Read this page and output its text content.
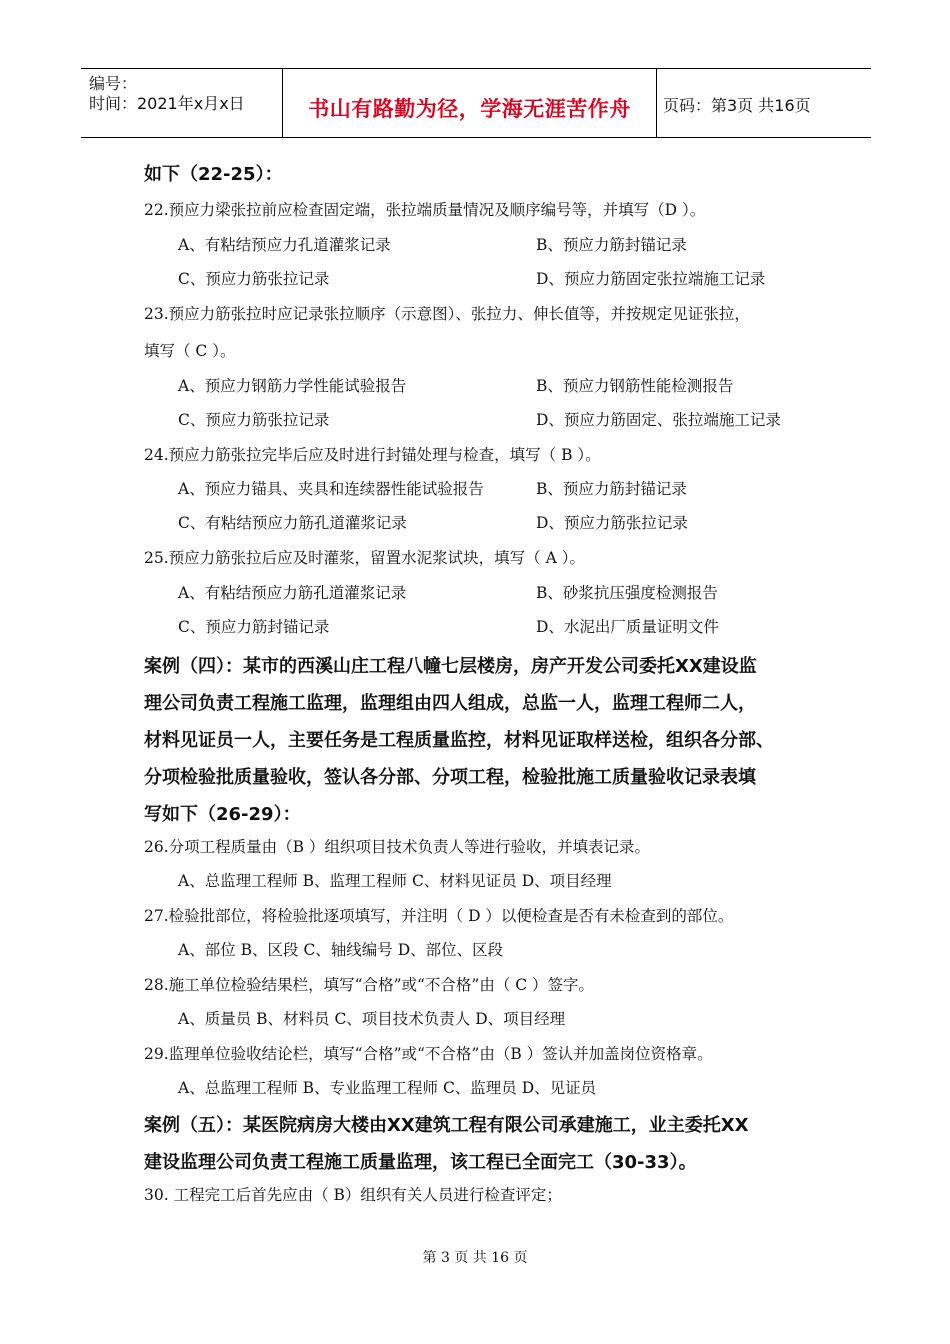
编号：
时间：2021年x月x日	书山有路勤为径，学海无涯苦作舟	页码：第3页 共16页
如下（22-25）：
22.预应力梁张拉前应检查固定端，张拉端质量情况及顺序编号等，并填写（D ）。
A、有粘结预应力孔道灌浆记录	B、预应力筋封锚记录
C、预应力筋张拉记录	D、预应力筋固定张拉端施工记录
23.预应力筋张拉时应记录张拉顺序（示意图）、张拉力、伸长值等，并按规定见证张拉，
填写（ C ）。
A、预应力钢筋力学性能试验报告	B、预应力钢筋性能检测报告
C、预应力筋张拉记录	D、预应力筋固定、张拉端施工记录
24.预应力筋张拉完毕后应及时进行封锚处理与检查，填写（ B ）。
A、预应力锚具、夹具和连续器性能试验报告	B、预应力筋封锚记录
C、有粘结预应力筋孔道灌浆记录	D、预应力筋张拉记录
25.预应力筋张拉后应及时灌浆，留置水泥浆试块，填写（ A ）。
A、有粘结预应力筋孔道灌浆记录	B、砂浆抗压强度检测报告
C、预应力筋封锚记录	D、水泥出厂质量证明文件
案例（四）：某市的西溪山庄工程八幢七层楼房，房产开发公司委托XX建设监
理公司负责工程施工监理，监理组由四人组成，总监一人，监理工程师二人，
材料见证员一人，主要任务是工程质量监控，材料见证取样送检，组织各分部、
分项检验批质量验收，签认各分部、分项工程，检验批施工质量验收记录表填
写如下（26-29）：
26.分项工程质量由（B ）组织项目技术负责人等进行验收，并填表记录。
A、总监理工程师 B、监理工程师 C、材料见证员 D、项目经理
27.检验批部位，将检验批逐项填写，并注明（ D ）以便检查是否有未检查到的部位。
A、部位 B、区段 C、轴线编号 D、部位、区段
28.施工单位检验结果栏，填写“合格”或“不合格”由（ C ）签字。
A、质量员 B、材料员 C、项目技术负责人 D、项目经理
29.监理单位验收结论栏，填写“合格”或“不合格”由（B ）签认并加盖岗位资格章。
A、总监理工程师 B、专业监理工程师 C、监理员 D、见证员
案例（五）：某医院病房大楼由XX建筑工程有限公司承建施工，业主委托XX
建设监理公司负责工程施工质量监理，该工程已全面完工（30-33）。
30. 工程完工后首先应由（ B）组织有关人员进行检查评定；
第 3 页 共 16 页
